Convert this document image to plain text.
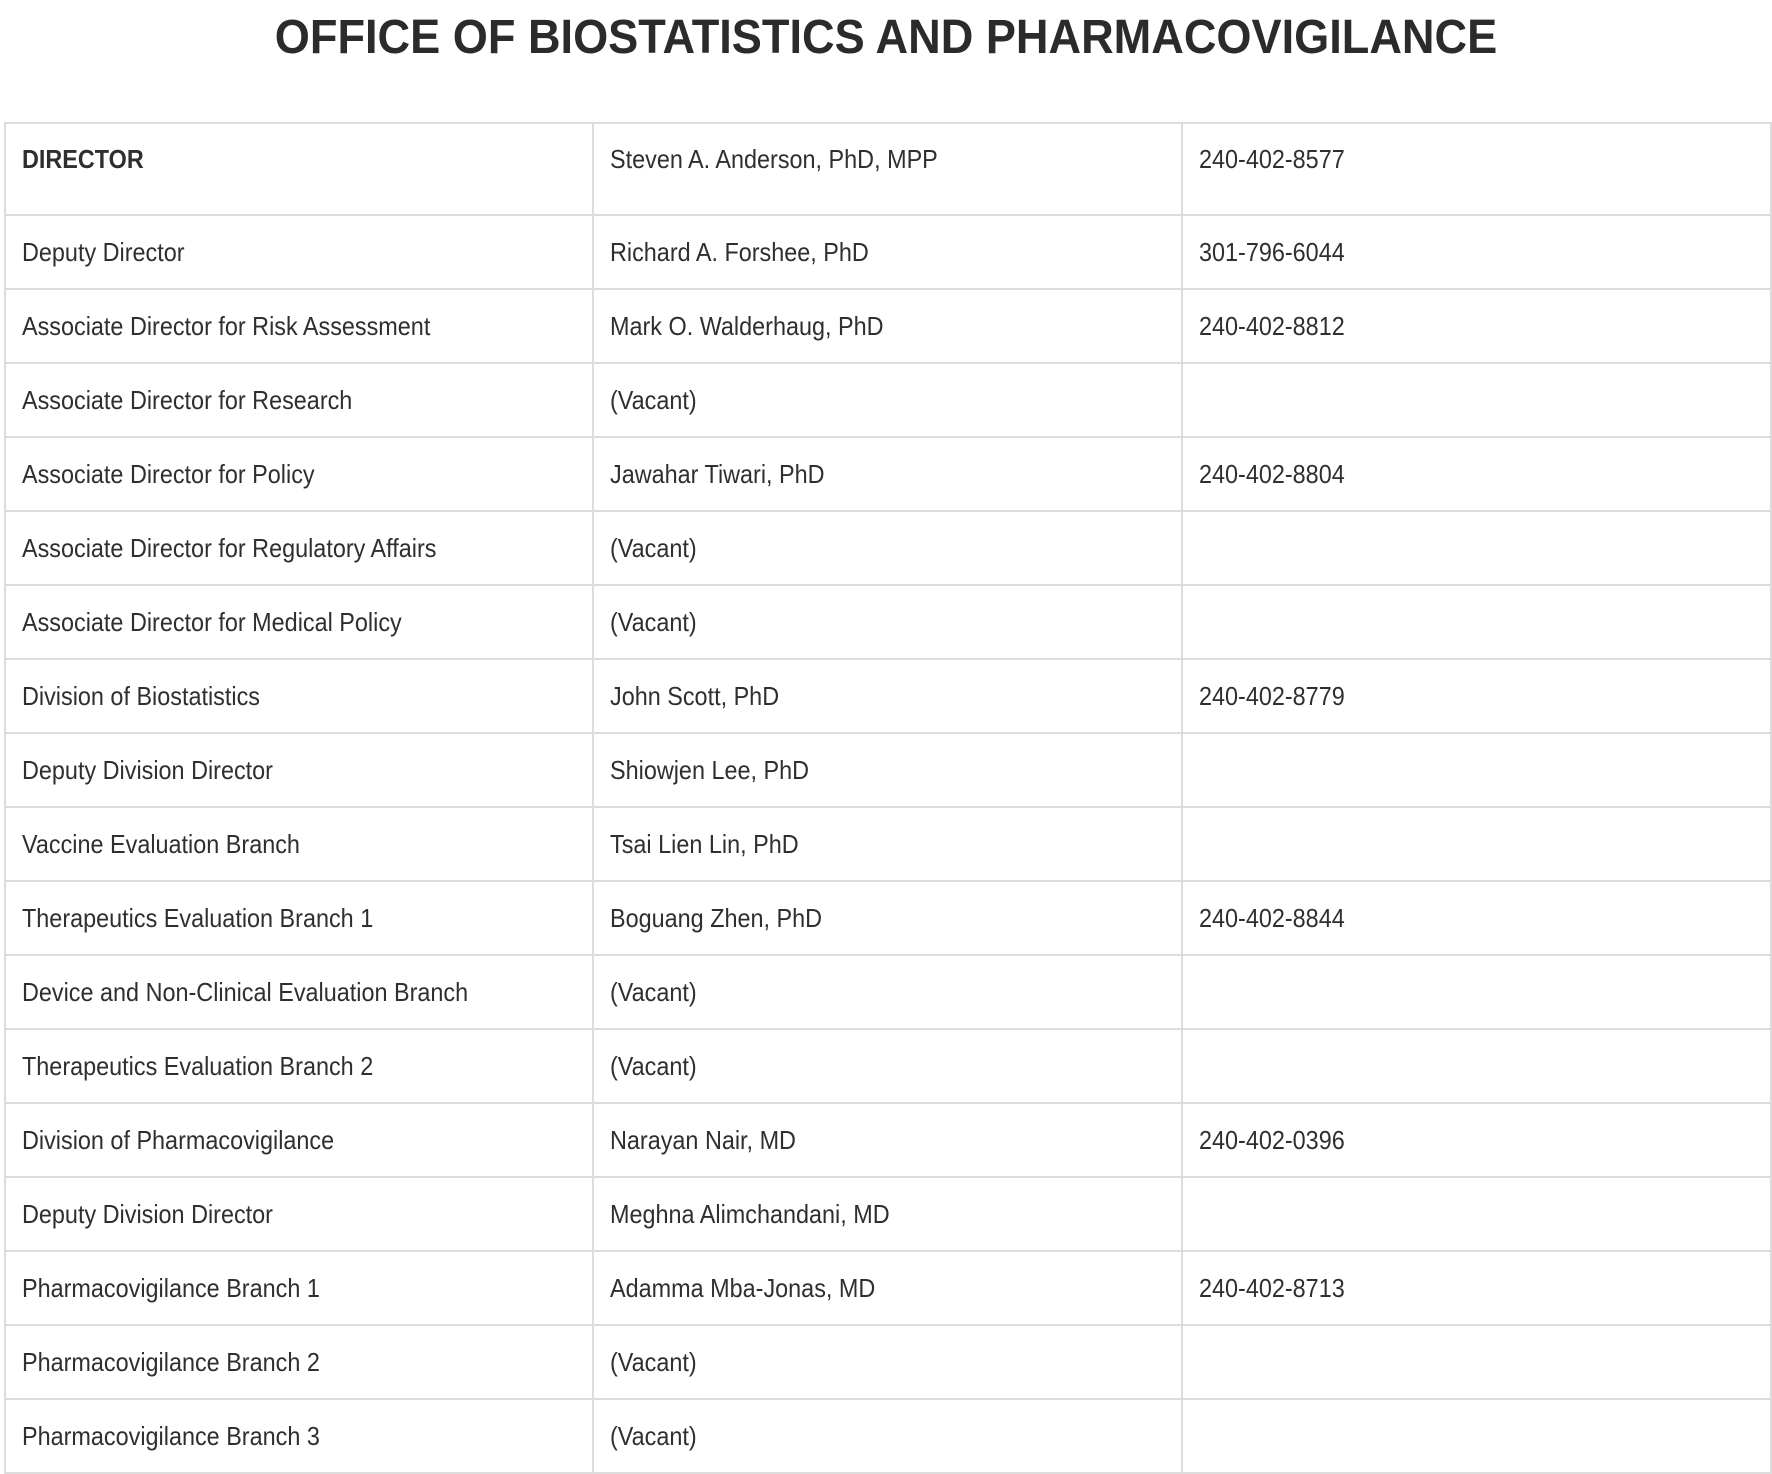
OFFICE OF BIOSTATISTICS AND PHARMACOVIGILANCE
DIRECTOR	Steven A. Anderson, PhD, MPP	240-402-8577
Deputy Director	Richard A. Forshee, PhD	301-796-6044
Associate Director for Risk Assessment	Mark O. Walderhaug, PhD	240-402-8812
Associate Director for Research	(Vacant)	
Associate Director for Policy	Jawahar Tiwari, PhD	240-402-8804
Associate Director for Regulatory Affairs	(Vacant)	
Associate Director for Medical Policy	(Vacant)	
Division of Biostatistics	John Scott, PhD	240-402-8779
Deputy Division Director	Shiowjen Lee, PhD	
Vaccine Evaluation Branch	Tsai Lien Lin, PhD	
Therapeutics Evaluation Branch 1	Boguang Zhen, PhD	240-402-8844
Device and Non-Clinical Evaluation Branch	(Vacant)	
Therapeutics Evaluation Branch 2	(Vacant)	
Division of Pharmacovigilance	Narayan Nair, MD	240-402-0396
Deputy Division Director	Meghna Alimchandani, MD	
Pharmacovigilance Branch 1	Adamma Mba-Jonas, MD	240-402-8713
Pharmacovigilance Branch 2	(Vacant)	
Pharmacovigilance Branch 3	(Vacant)	
